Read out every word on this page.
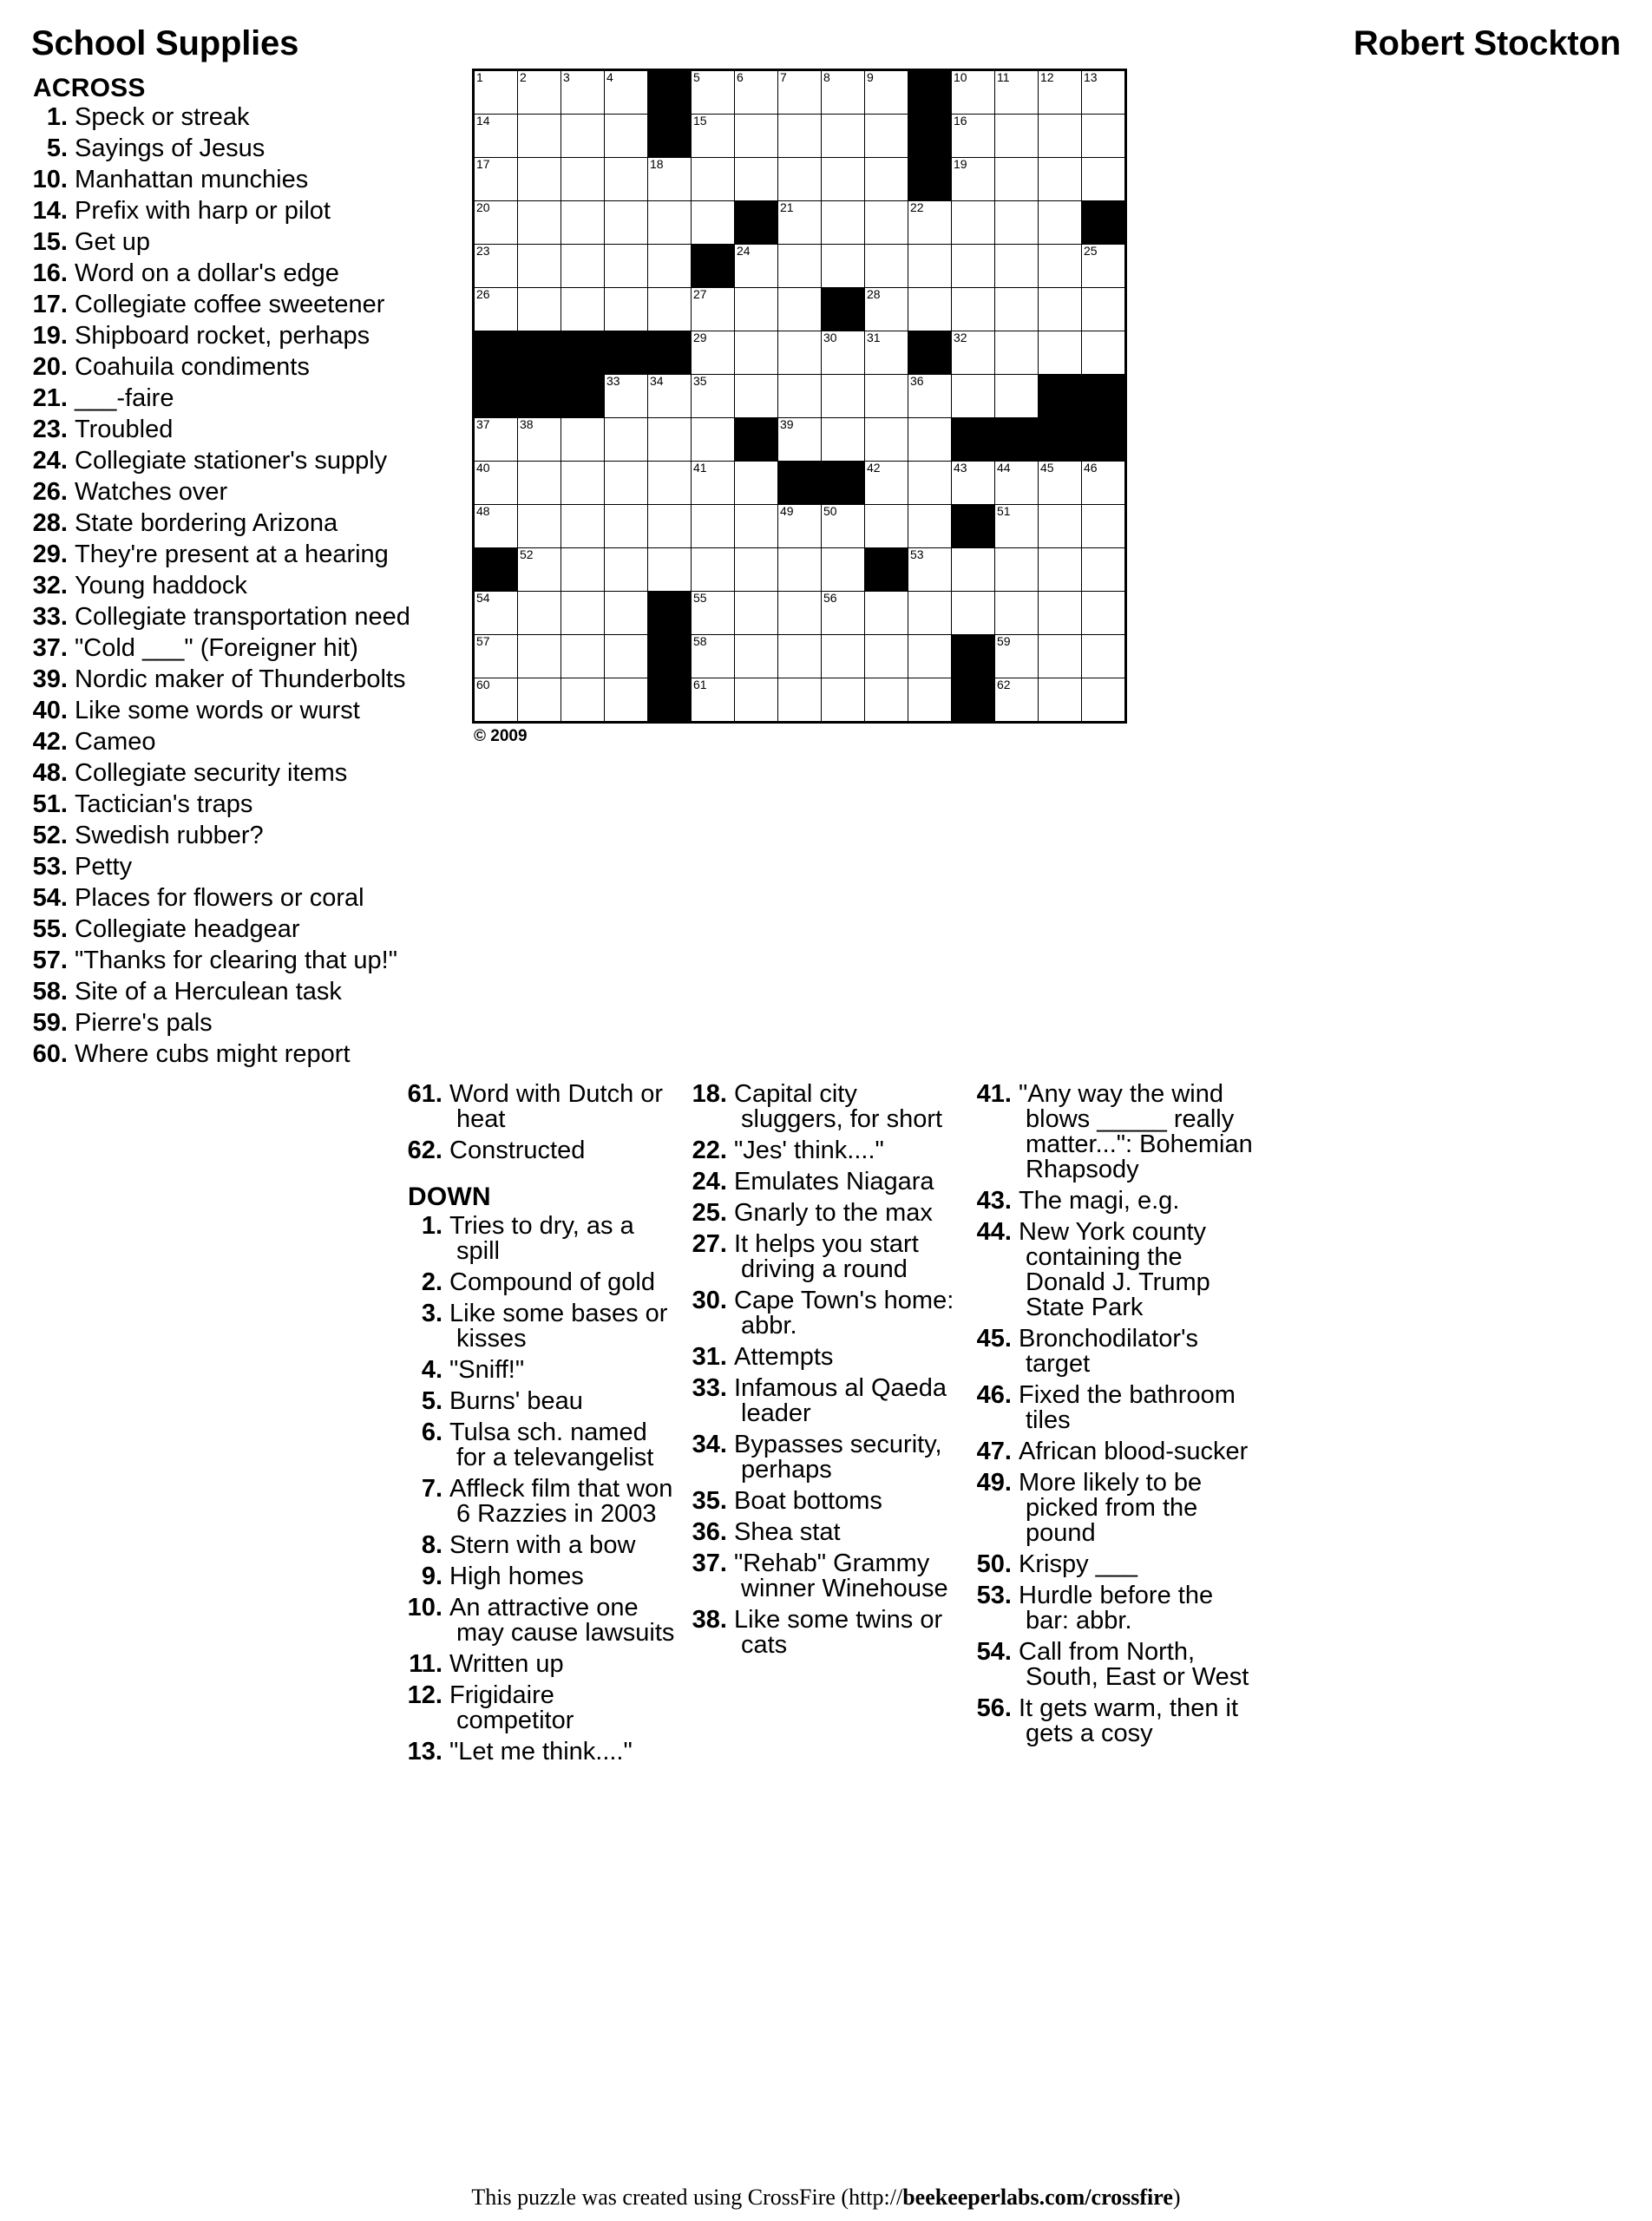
School Supplies	Robert Stockton
ACROSS
1. Speck or streak
5. Sayings of Jesus
10. Manhattan munchies
14. Prefix with harp or pilot
15. Get up
16. Word on a dollar's edge
17. Collegiate coffee sweetener
19. Shipboard rocket, perhaps
20. Coahuila condiments
21. ___-faire
23. Troubled
24. Collegiate stationer's supply
26. Watches over
28. State bordering Arizona
29. They're present at a hearing
32. Young haddock
33. Collegiate transportation need
37. "Cold ___" (Foreigner hit)
39. Nordic maker of Thunderbolts
40. Like some words or wurst
42. Cameo
48. Collegiate security items
51. Tactician's traps
52. Swedish rubber?
53. Petty
54. Places for flowers or coral
55. Collegiate headgear
57. "Thanks for clearing that up!"
58. Site of a Herculean task
59. Pierre's pals
60. Where cubs might report
1	2	3	4		5	6	7	8	9		10	11	12	13

14					15						16			

17				18							19			

20							21			22				

23						24								25

26					27				28					

					29			30	31		32			

			33	34	35					36				

37	38						39							

40					41				42		43	44	45	46

48							49	50				51		

	52									53				

54					55			56						

57					58							59		

60					61							62		

© 2009
61. Word with Dutch or heat
62. Constructed
DOWN
1. Tries to dry, as a spill
2. Compound of gold
3. Like some bases or kisses
4. "Sniff!"
5. Burns' beau
6. Tulsa sch. named for a televangelist
7. Affleck film that won 6 Razzies in 2003
8. Stern with a bow
9. High homes
10. An attractive one may cause lawsuits
11. Written up
12. Frigidaire competitor
13. "Let me think...."
18. Capital city sluggers, for short
22. "Jes' think...."
24. Emulates Niagara
25. Gnarly to the max
27. It helps you start driving a round
30. Cape Town's home: abbr.
31. Attempts
33. Infamous al Qaeda leader
34. Bypasses security, perhaps
35. Boat bottoms
36. Shea stat
37. "Rehab" Grammy winner Winehouse
38. Like some twins or cats
41. "Any way the wind blows _____ really matter...": Bohemian Rhapsody
43. The magi, e.g.
44. New York county containing the Donald J. Trump State Park
45. Bronchodilator's target
46. Fixed the bathroom tiles
47. African blood-sucker
49. More likely to be picked from the pound
50. Krispy ___
53. Hurdle before the bar: abbr.
54. Call from North, South, East or West
56. It gets warm, then it gets a cosy
This puzzle was created using CrossFire (http://beekeeperlabs.com/crossfire)
